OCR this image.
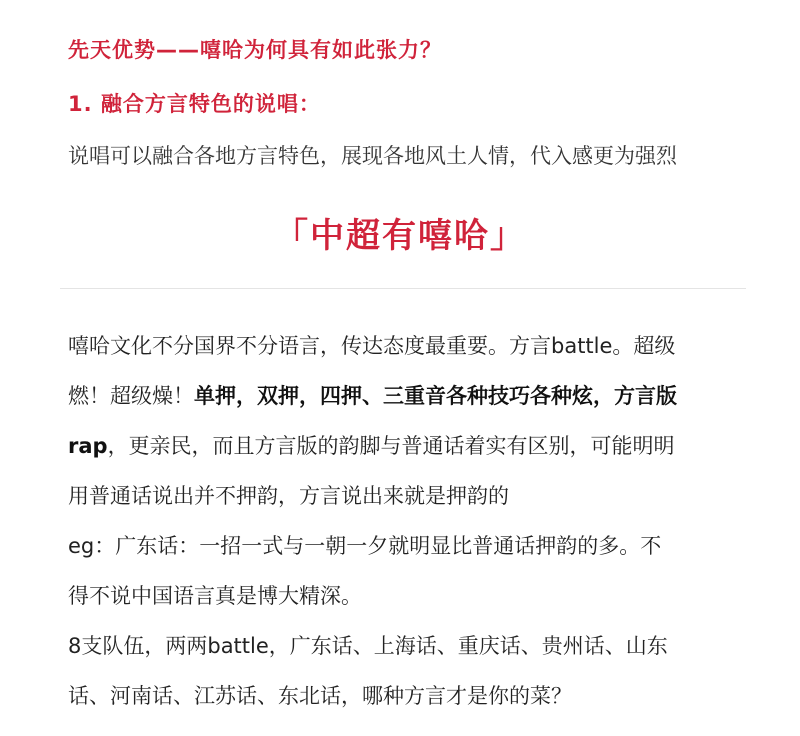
先天优势——嘻哈为何具有如此张力？
1. 融合方言特色的说唱：
说唱可以融合各地方言特色，展现各地风土人情，代入感更为强烈
「中超有嘻哈」
嘻哈文化不分国界不分语言，传达态度最重要。方言battle。超级
燃！超级燥！单押，双押，四押、三重音各种技巧各种炫，方言版
rap，更亲民，而且方言版的韵脚与普通话着实有区别，可能明明
用普通话说出并不押韵，方言说出来就是押韵的
eg：广东话：一招一式与一朝一夕就明显比普通话押韵的多。不
得不说中国语言真是博大精深。
8支队伍，两两battle，广东话、上海话、重庆话、贵州话、山东
话、河南话、江苏话、东北话，哪种方言才是你的菜？
